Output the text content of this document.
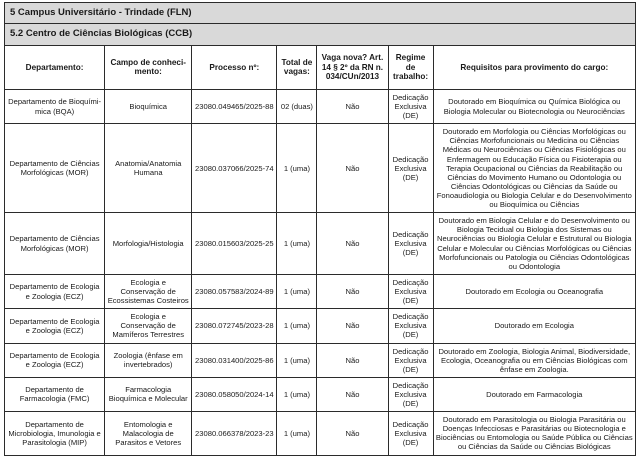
5 Campus Universitário - Trindade (FLN)						
5.2 Centro de Ciências Biológicas (CCB)						
Departamento:	Campo de conheci-mento:	Processo nº:	Total de vagas:	Vaga nova? Art. 14 § 2º da RN n. 034/CUn/2013	Regime de trabalho:	Requisitos para provimento do cargo:
Departamento de Bioquími-mica (BQA)	Bioquímica	23080.049465/2025-88	02 (duas)	Não	Dedicação Exclusiva (DE)	Doutorado em Bioquímica ou Química Biológica ou Biologia Molecular ou Biotecnologia ou Neurociências
Departamento de Ciências Morfológicas (MOR)	Anatomia/Anatomia Humana	23080.037066/2025-74	1 (uma)	Não	Dedicação Exclusiva (DE)	Doutorado em Morfologia ou Ciências Morfológicas ou Ciências Morfofuncionais ou Medicina ou Ciências Médicas ou Neurociências ou Ciências Fisiológicas ou Enfermagem ou Educação Física ou Fisioterapia ou Terapia Ocupacional ou Ciências da Reabilitação ou Ciências do Movimento Humano ou Odontologia ou Ciências Odontológicas ou Ciências da Saúde ou Fonoaudiologia ou Biologia Celular e do Desenvolvimento ou Bioquímica ou Ciências
Departamento de Ciências Morfológicas (MOR)	Morfologia/Histologia	23080.015603/2025-25	1 (uma)	Não	Dedicação Exclusiva (DE)	Doutorado em Biologia Celular e do Desenvolvimento ou Biologia Tecidual ou Biologia dos Sistemas ou Neurociências ou Biologia Celular e Estrutural ou Biologia Celular e Molecular ou Ciências Morfológicas ou Ciências Morfofuncionais ou Patologia ou Ciências Odontológicas ou Odontologia
Departamento de Ecologia e Zoologia (ECZ)	Ecologia e Conservação de Ecossistemas Costeiros	23080.057583/2024-89	1 (uma)	Não	Dedicação Exclusiva (DE)	Doutorado em Ecologia ou Oceanografia
Departamento de Ecologia e Zoologia (ECZ)	Ecologia e Conservação de Mamíferos Terrestres	23080.072745/2023-28	1 (uma)	Não	Dedicação Exclusiva (DE)	Doutorado em Ecologia
Departamento de Ecologia e Zoologia (ECZ)	Zoologia (ênfase em invertebrados)	23080.031400/2025-86	1 (uma)	Não	Dedicação Exclusiva (DE)	Doutorado em Zoologia, Biologia Animal, Biodiversidade, Ecologia, Oceanografia ou em Ciências Biológicas com ênfase em Zoologia.
Departamento de Farmacologia (FMC)	Farmacologia Bioquímica e Molecular	23080.058050/2024-14	1 (uma)	Não	Dedicação Exclusiva (DE)	Doutorado em Farmacologia
Departamento de Microbiologia, Imunologia e Parasitologia (MIP)	Entomologia e Malacologia de Parasitos e Vetores	23080.066378/2023-23	1 (uma)	Não	Dedicação Exclusiva (DE)	Doutorado em Parasitologia ou Biologia Parasitária ou Doenças Infecciosas e Parasitárias ou Biotecnologia e Biociências ou Entomologia ou Saúde Pública ou Ciências ou Ciências da Saúde ou Ciências Biológicas
